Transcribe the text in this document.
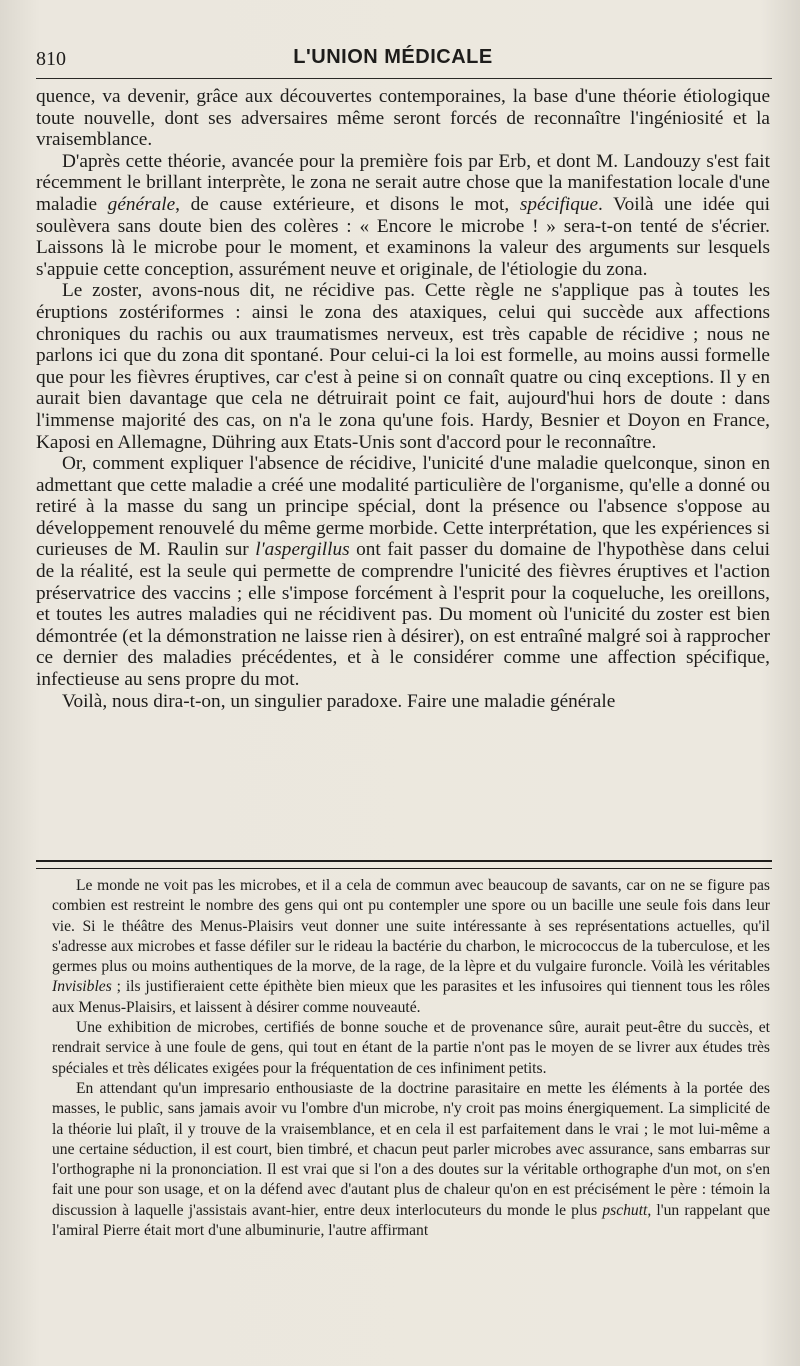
810	L'UNION MÉDICALE

quence, va devenir, grâce aux découvertes contemporaines, la base d'une théorie étiologique toute nouvelle, dont ses adversaires même seront forcés de reconnaître l'ingéniosité et la vraisemblance.

D'après cette théorie, avancée pour la première fois par Erb, et dont M. Landouzy s'est fait récemment le brillant interprète, le zona ne serait autre chose que la manifestation locale d'une maladie générale, de cause extérieure, et disons le mot, spécifique. Voilà une idée qui soulèvera sans doute bien des colères : « Encore le microbe ! » sera-t-on tenté de s'écrier. Laissons là le microbe pour le moment, et examinons la valeur des arguments sur lesquels s'appuie cette conception, assurément neuve et originale, de l'étiologie du zona.

Le zoster, avons-nous dit, ne récidive pas. Cette règle ne s'applique pas à toutes les éruptions zostériformes : ainsi le zona des ataxiques, celui qui succède aux affections chroniques du rachis ou aux traumatismes nerveux, est très capable de récidive ; nous ne parlons ici que du zona dit spontané. Pour celui-ci la loi est formelle, au moins aussi formelle que pour les fièvres éruptives, car c'est à peine si on connaît quatre ou cinq exceptions. Il y en aurait bien davantage que cela ne détruirait point ce fait, aujourd'hui hors de doute : dans l'immense majorité des cas, on n'a le zona qu'une fois. Hardy, Besnier et Doyon en France, Kaposi en Allemagne, Dühring aux Etats-Unis sont d'accord pour le reconnaître.

Or, comment expliquer l'absence de récidive, l'unicité d'une maladie quelconque, sinon en admettant que cette maladie a créé une modalité particulière de l'organisme, qu'elle a donné ou retiré à la masse du sang un principe spécial, dont la présence ou l'absence s'oppose au développement renouvelé du même germe morbide. Cette interprétation, que les expériences si curieuses de M. Raulin sur l'aspergillus ont fait passer du domaine de l'hypothèse dans celui de la réalité, est la seule qui permette de comprendre l'unicité des fièvres éruptives et l'action préservatrice des vaccins ; elle s'impose forcément à l'esprit pour la coqueluche, les oreillons, et toutes les autres maladies qui ne récidivent pas. Du moment où l'unicité du zoster est bien démontrée (et la démonstration ne laisse rien à désirer), on est entraîné malgré soi à rapprocher ce dernier des maladies précédentes, et à le considérer comme une affection spécifique, infectieuse au sens propre du mot.

Voilà, nous dira-t-on, un singulier paradoxe. Faire une maladie générale

Le monde ne voit pas les microbes, et il a cela de commun avec beaucoup de savants, car on ne se figure pas combien est restreint le nombre des gens qui ont pu contempler une spore ou un bacille une seule fois dans leur vie. Si le théâtre des Menus-Plaisirs veut donner une suite intéressante à ses représentations actuelles, qu'il s'adresse aux microbes et fasse défiler sur le rideau la bactérie du charbon, le micrococcus de la tuberculose, et les germes plus ou moins authentiques de la morve, de la rage, de la lèpre et du vulgaire furoncle. Voilà les véritables Invisibles ; ils justifieraient cette épithète bien mieux que les parasites et les infusoires qui tiennent tous les rôles aux Menus-Plaisirs, et laissent à désirer comme nouveauté.

Une exhibition de microbes, certifiés de bonne souche et de provenance sûre, aurait peut-être du succès, et rendrait service à une foule de gens, qui tout en étant de la partie n'ont pas le moyen de se livrer aux études très spéciales et très délicates exigées pour la fréquentation de ces infiniment petits.

En attendant qu'un impresario enthousiaste de la doctrine parasitaire en mette les éléments à la portée des masses, le public, sans jamais avoir vu l'ombre d'un microbe, n'y croit pas moins énergiquement. La simplicité de la théorie lui plaît, il y trouve de la vraisemblance, et en cela il est parfaitement dans le vrai ; le mot lui-même a une certaine séduction, il est court, bien timbré, et chacun peut parler microbes avec assurance, sans embarras sur l'orthographe ni la prononciation. Il est vrai que si l'on a des doutes sur la véritable orthographe d'un mot, on s'en fait une pour son usage, et on la défend avec d'autant plus de chaleur qu'on en est précisément le père : témoin la discussion à laquelle j'assistais avant-hier, entre deux interlocuteurs du monde le plus pschutt, l'un rappelant que l'amiral Pierre était mort d'une albuminurie, l'autre affirmant
